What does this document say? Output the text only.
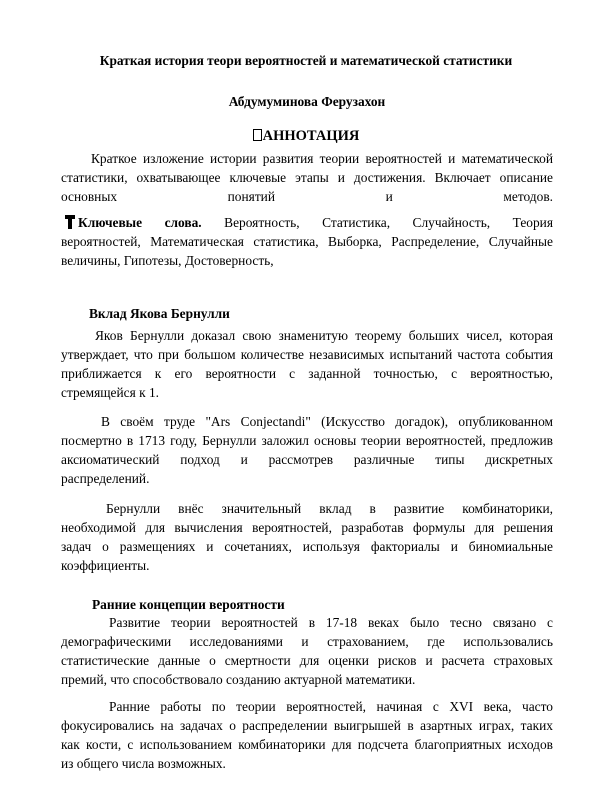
Краткая история теори вероятностей и математической статистики
Абдумуминова Ферузахон
АННОТАЦИЯ

Краткое изложение истории развития теории вероятностей и математической

статистики, охватывающее ключевые этапы и достижения. Включает описание

основных понятий и методов.

Ключевые слова. Вероятность, Статистика, Случайность, Теория

вероятностей, Математическая статистика, Выборка, Распределение, Случайные

величины, Гипотезы, Достоверность,

Вклад Якова Бернулли

Яков Бернулли доказал свою знаменитую теорему больших чисел, которая

утверждает, что при большом количестве независимых испытаний частота события

приближается к его вероятности с заданной точностью, с вероятностью,

стремящейся к 1.

В своём труде "Ars Conjectandi" (Искусство догадок), опубликованном

посмертно в 1713 году, Бернулли заложил основы теории вероятностей, предложив

аксиоматический подход и рассмотрев различные типы дискретных

распределений.

Бернулли внёс значительный вклад в развитие комбинаторики,

необходимой для вычисления вероятностей, разработав формулы для решения

задач о размещениях и сочетаниях, используя факториалы и биномиальные

коэффициенты.

Ранние концепции вероятности

Развитие теории вероятностей в 17-18 веках было тесно связано с

демографическими исследованиями и страхованием, где использовались

статистические данные о смертности для оценки рисков и расчета страховых

премий, что способствовало созданию актуарной математики.

Ранние работы по теории вероятностей, начиная с XVI века, часто

фокусировались на задачах о распределении выигрышей в азартных играх, таких

как кости, с использованием комбинаторики для подсчета благоприятных исходов

из общего числа возможных.
